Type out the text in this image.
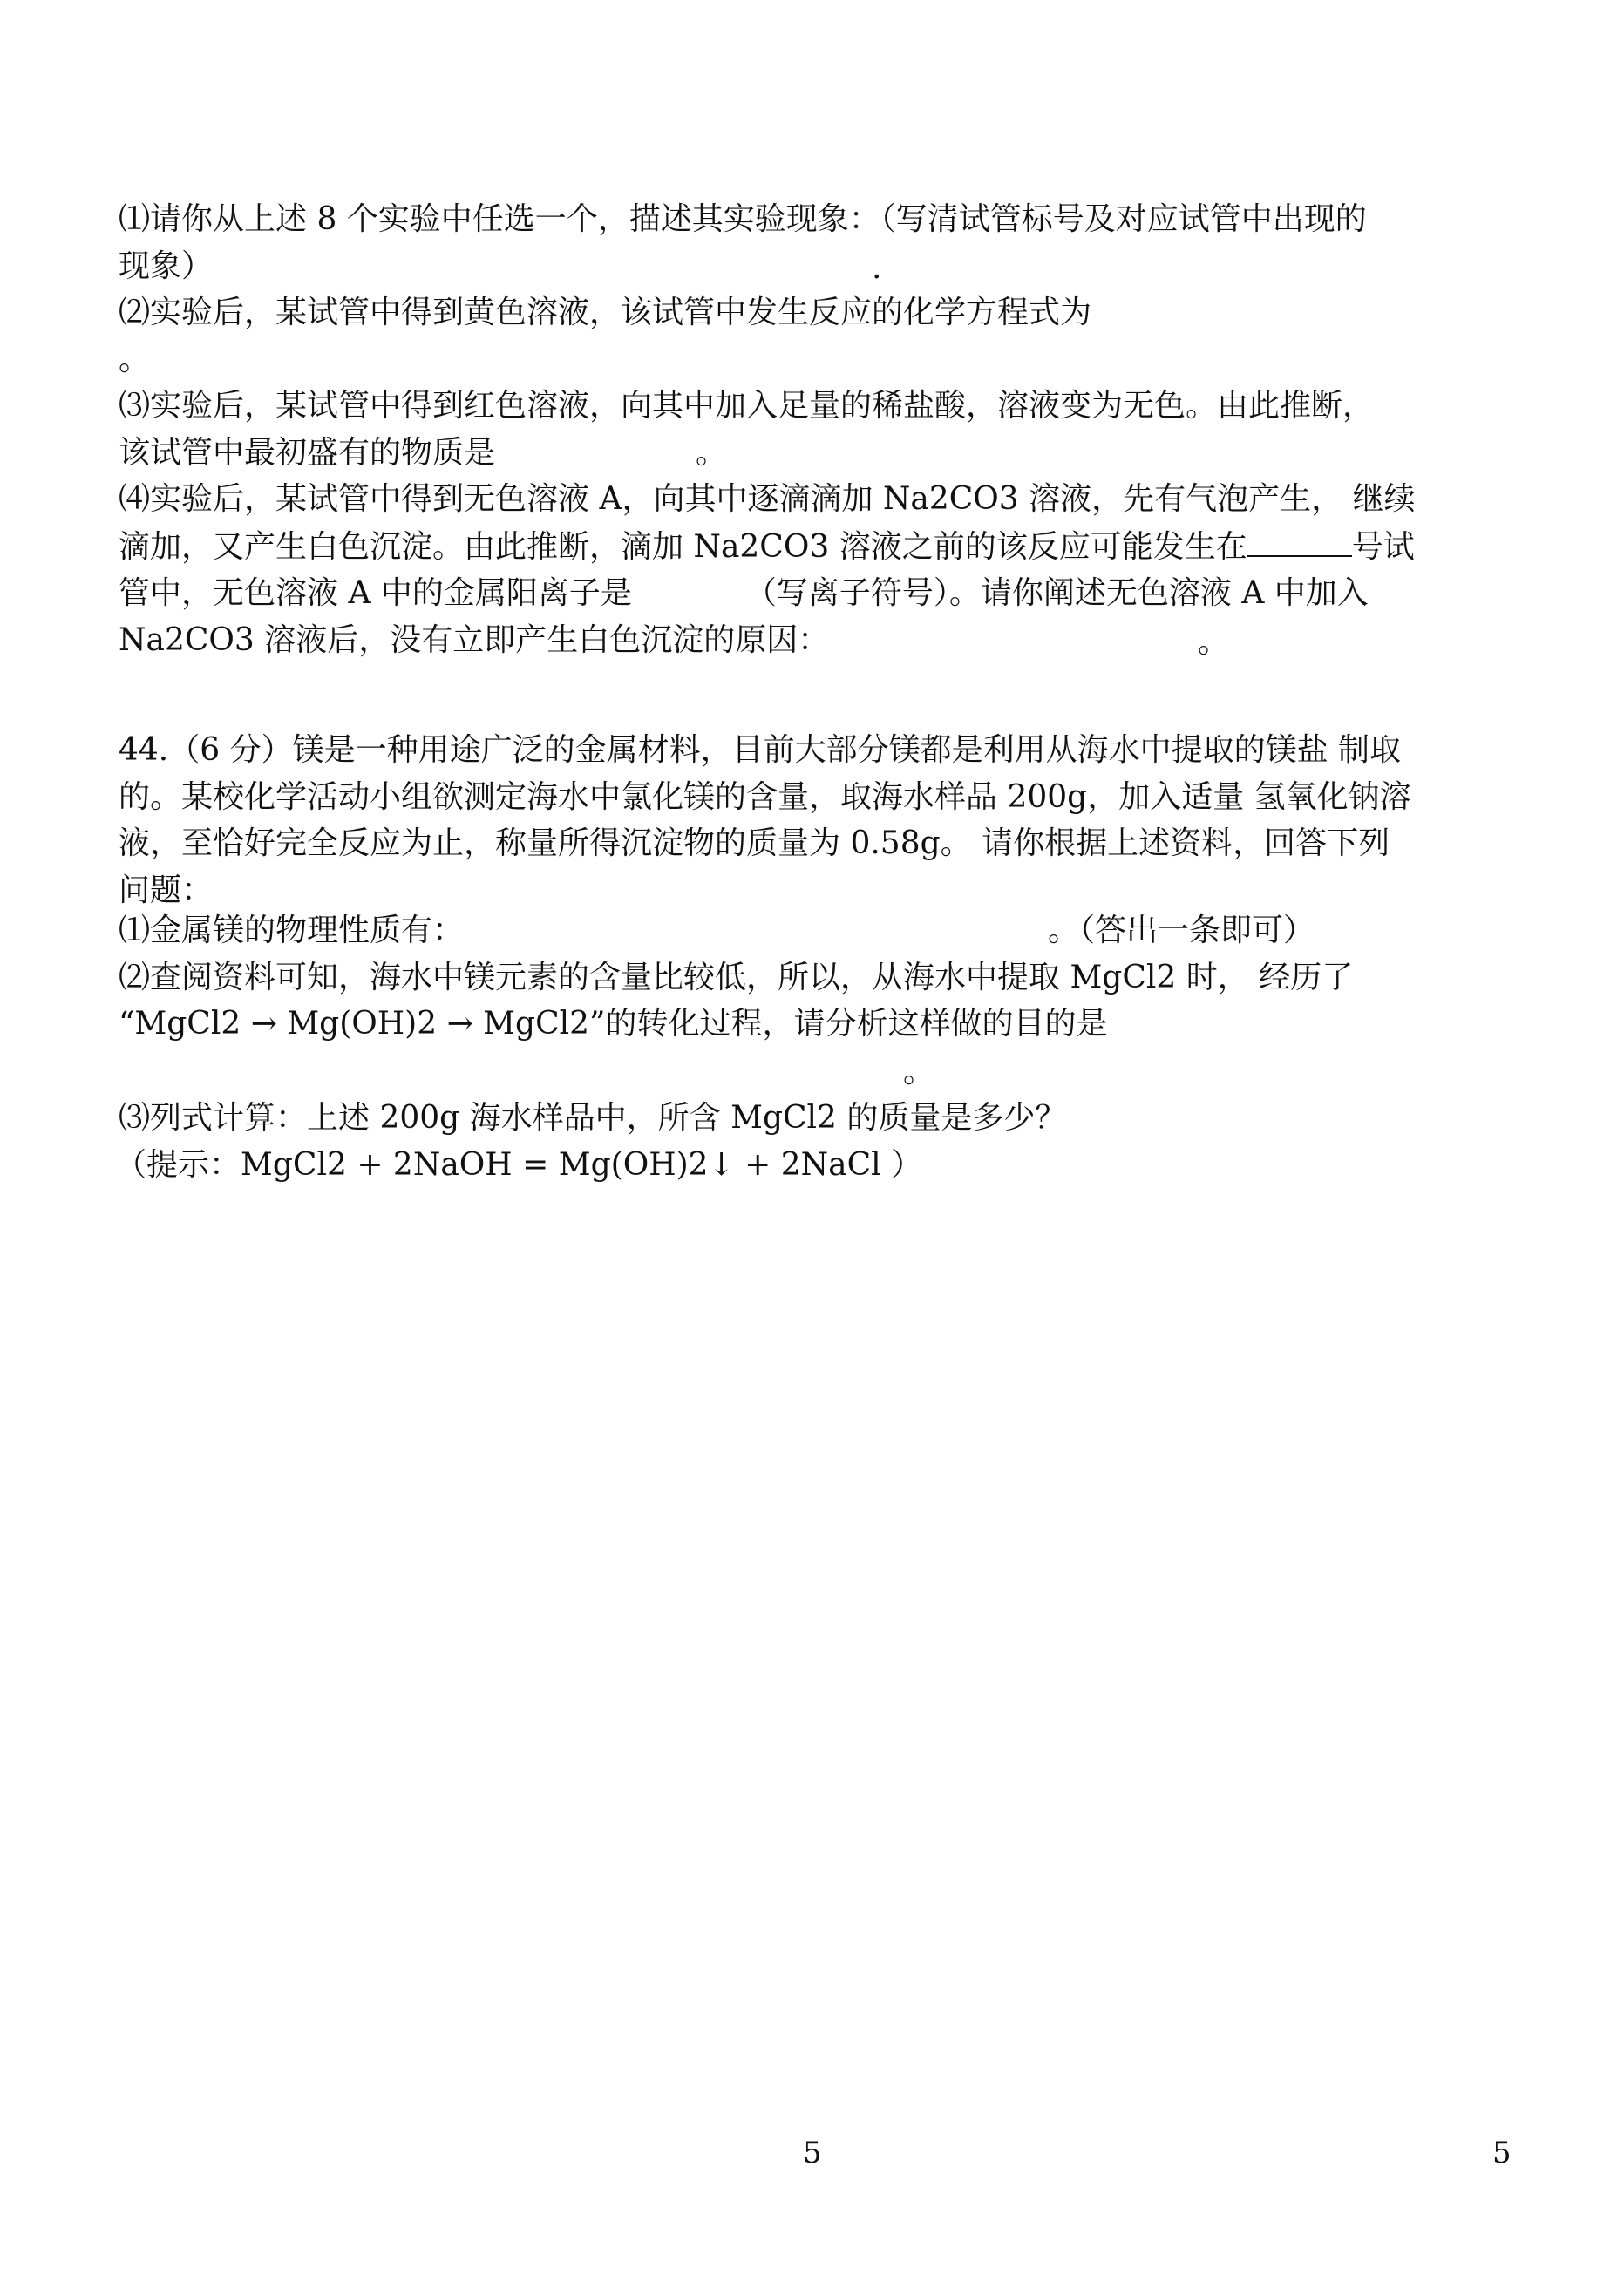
⑴请你从上述 8 个实验中任选一个，描述其实验现象：（写清试管标号及对应试管中出现的
现象）	.
⑵实验后，某试管中得到黄色溶液，该试管中发生反应的化学方程式为
。
⑶实验后，某试管中得到红色溶液，向其中加入足量的稀盐酸，溶液变为无色。由此推断，
该试管中最初盛有的物质是	。
⑷实验后，某试管中得到无色溶液 A，向其中逐滴滴加 Na2CO3 溶液，先有气泡产生， 继续
滴加，又产生白色沉淀。由此推断，滴加 Na2CO3 溶液之前的该反应可能发生在	号试
管中，无色溶液 A 中的金属阳离子是	（写离子符号）。请你阐述无色溶液 A 中加入
Na2CO3 溶液后，没有立即产生白色沉淀的原因：	。
44.（6 分）镁是一种用途广泛的金属材料，目前大部分镁都是利用从海水中提取的镁盐 制取
的。某校化学活动小组欲测定海水中氯化镁的含量，取海水样品 200g，加入适量 氢氧化钠溶
液，至恰好完全反应为止，称量所得沉淀物的质量为 0.58g。 请你根据上述资料，回答下列
问题：
⑴金属镁的物理性质有：	。（答出一条即可）
⑵查阅资料可知，海水中镁元素的含量比较低，所以，从海水中提取 MgCl2 时， 经历了
“MgCl2 → Mg(OH)2 → MgCl2”的转化过程，请分析这样做的目的是
。
⑶列式计算：上述 200g 海水样品中，所含 MgCl2 的质量是多少？
（提示：MgCl2 + 2NaOH = Mg(OH)2↓ + 2NaCl ）
5	5
